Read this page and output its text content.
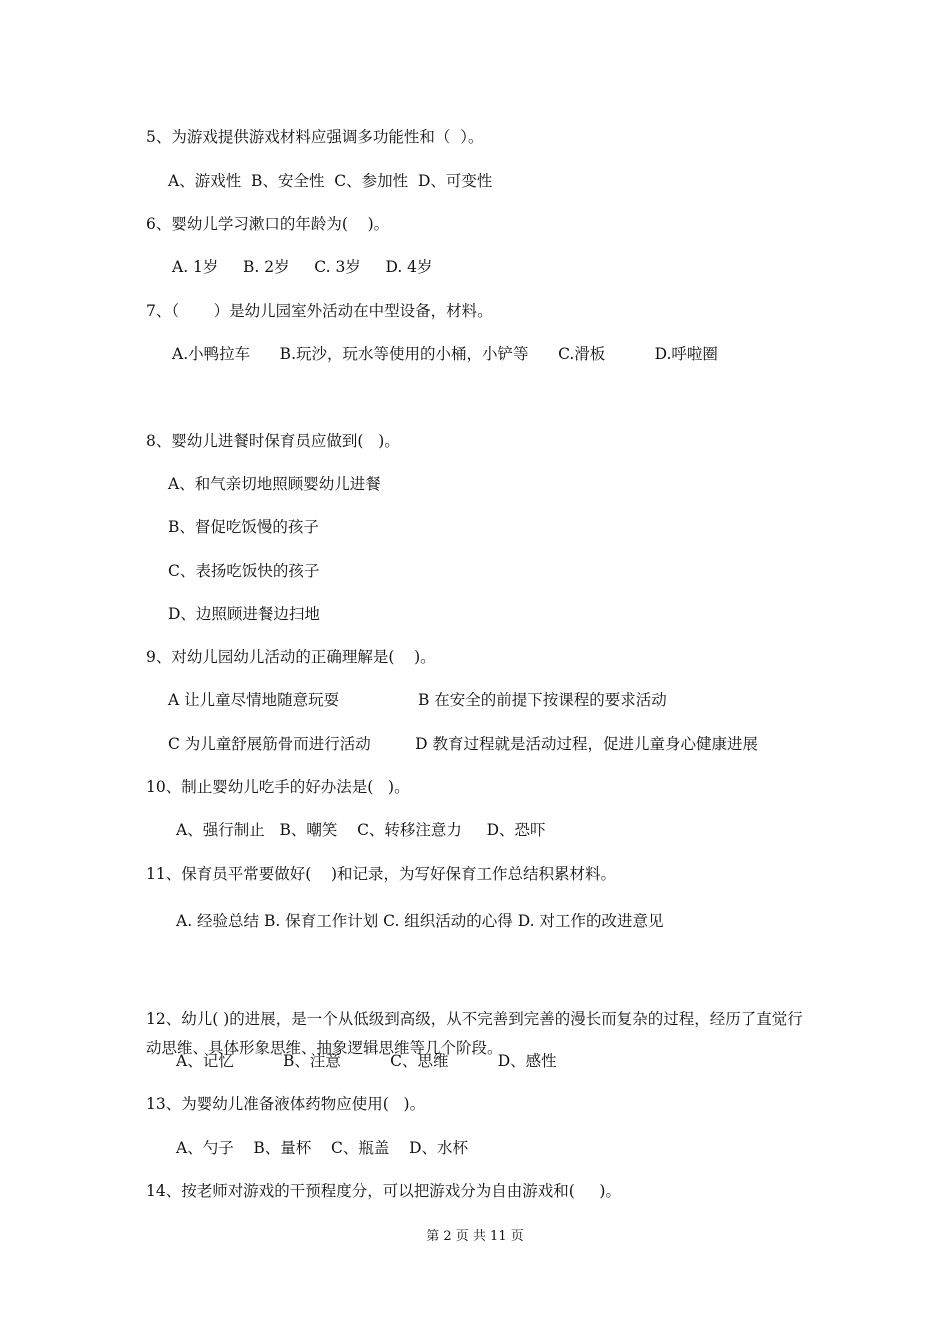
5、为游戏提供游戏材料应强调多功能性和（  ）。
A、游戏性  B、安全性  C、参加性  D、可变性
6、婴幼儿学习漱口的年龄为(    )。
A. 1岁     B. 2岁     C. 3岁     D. 4岁
7、（       ）是幼儿园室外活动在中型设备，材料。
A.小鸭拉车      B.玩沙，玩水等使用的小桶，小铲等      C.滑板          D.呼啦圈
8、婴幼儿进餐时保育员应做到(   )。
A、和气亲切地照顾婴幼儿进餐
B、督促吃饭慢的孩子
C、表扬吃饭快的孩子
D、边照顾进餐边扫地
9、对幼儿园幼儿活动的正确理解是(    )。
A 让儿童尽情地随意玩耍                B 在安全的前提下按课程的要求活动
C 为儿童舒展筋骨而进行活动         D 教育过程就是活动过程，促进儿童身心健康进展
10、制止婴幼儿吃手的好办法是(   )。
A、强行制止   B、嘲笑    C、转移注意力     D、恐吓
11、保育员平常要做好(    )和记录，为写好保育工作总结积累材料。
A. 经验总结 B. 保育工作计划 C. 组织活动的心得 D. 对工作的改进意见
12、幼儿( )的进展，是一个从低级到高级，从不完善到完善的漫长而复杂的过程，经历了直觉行动思维、具体形象思维、抽象逻辑思维等几个阶段。
A、记忆          B、注意          C、思维          D、感性
13、为婴幼儿准备液体药物应使用(   )。
A、勺子    B、量杯    C、瓶盖    D、水杯
14、按老师对游戏的干预程度分，可以把游戏分为自由游戏和(     )。
第 2 页 共 11 页
